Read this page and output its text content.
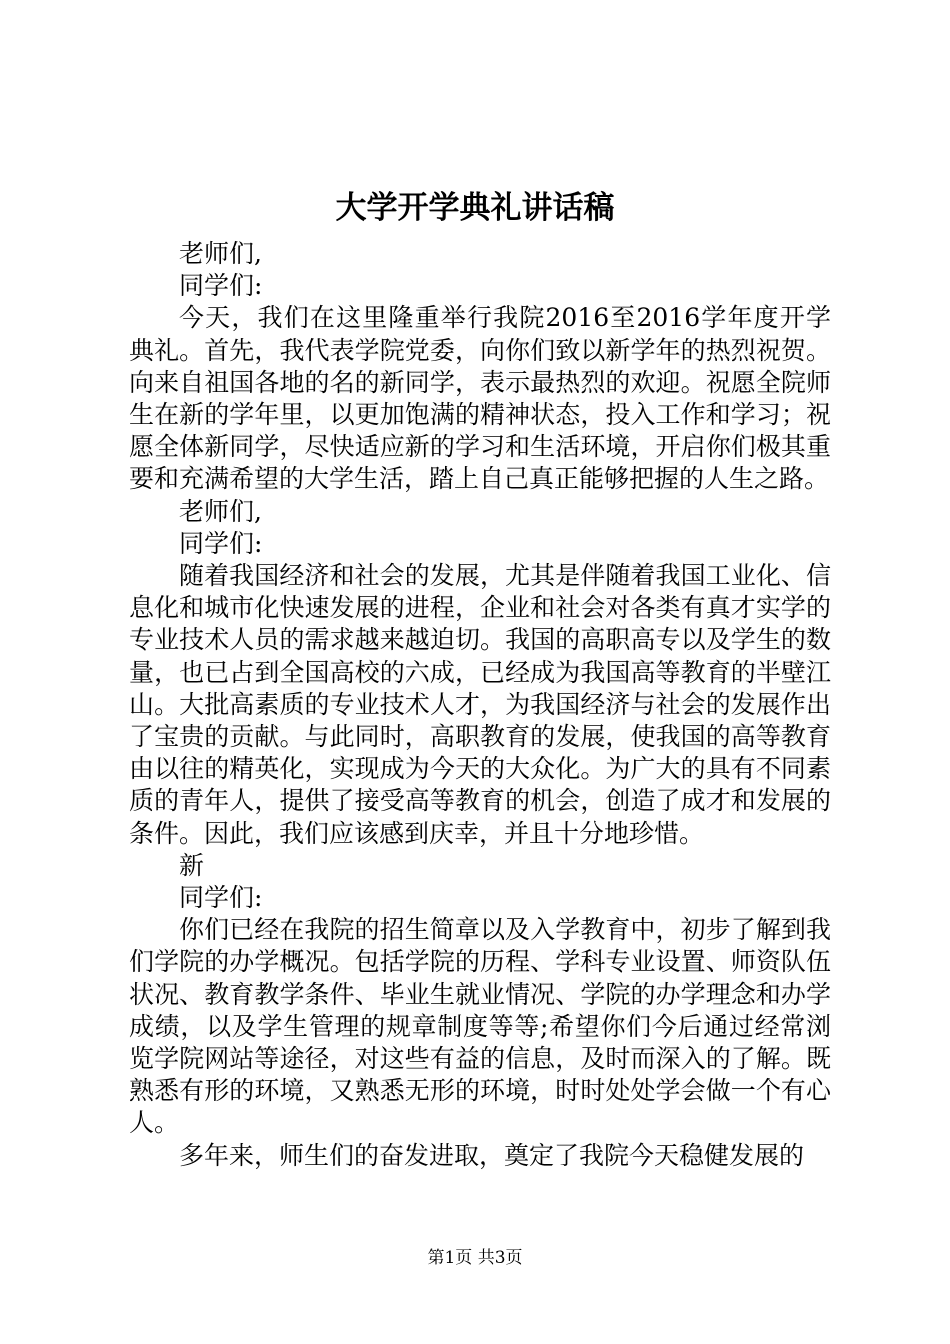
大学开学典礼讲话稿
老师们,
同学们:

今天，我们在这里隆重举行我院2016至2016学年度开学典礼。首先，我代表学院党委，向你们致以新学年的热烈祝贺。向来自祖国各地的名的新同学，表示最热烈的欢迎。祝愿全院师生在新的学年里，以更加饱满的精神状态，投入工作和学习；祝愿全体新同学，尽快适应新的学习和生活环境，开启你们极其重要和充满希望的大学生活，踏上自己真正能够把握的人生之路。

老师们,
同学们:

随着我国经济和社会的发展，尤其是伴随着我国工业化、信息化和城市化快速发展的进程，企业和社会对各类有真才实学的专业技术人员的需求越来越迫切。我国的高职高专以及学生的数量，也已占到全国高校的六成，已经成为我国高等教育的半壁江山。大批高素质的专业技术人才，为我国经济与社会的发展作出了宝贵的贡献。与此同时，高职教育的发展，使我国的高等教育由以往的精英化，实现成为今天的大众化。为广大的具有不同素质的青年人，提供了接受高等教育的机会，创造了成才和发展的条件。因此，我们应该感到庆幸，并且十分地珍惜。

新
同学们:

你们已经在我院的招生简章以及入学教育中，初步了解到我们学院的办学概况。包括学院的历程、学科专业设置、师资队伍状况、教育教学条件、毕业生就业情况、学院的办学理念和办学成绩，以及学生管理的规章制度等等;希望你们今后通过经常浏览学院网站等途径，对这些有益的信息，及时而深入的了解。既熟悉有形的环境，又熟悉无形的环境，时时处处学会做一个有心人。

多年来，师生们的奋发进取，奠定了我院今天稳健发展的

第1页 共3页
